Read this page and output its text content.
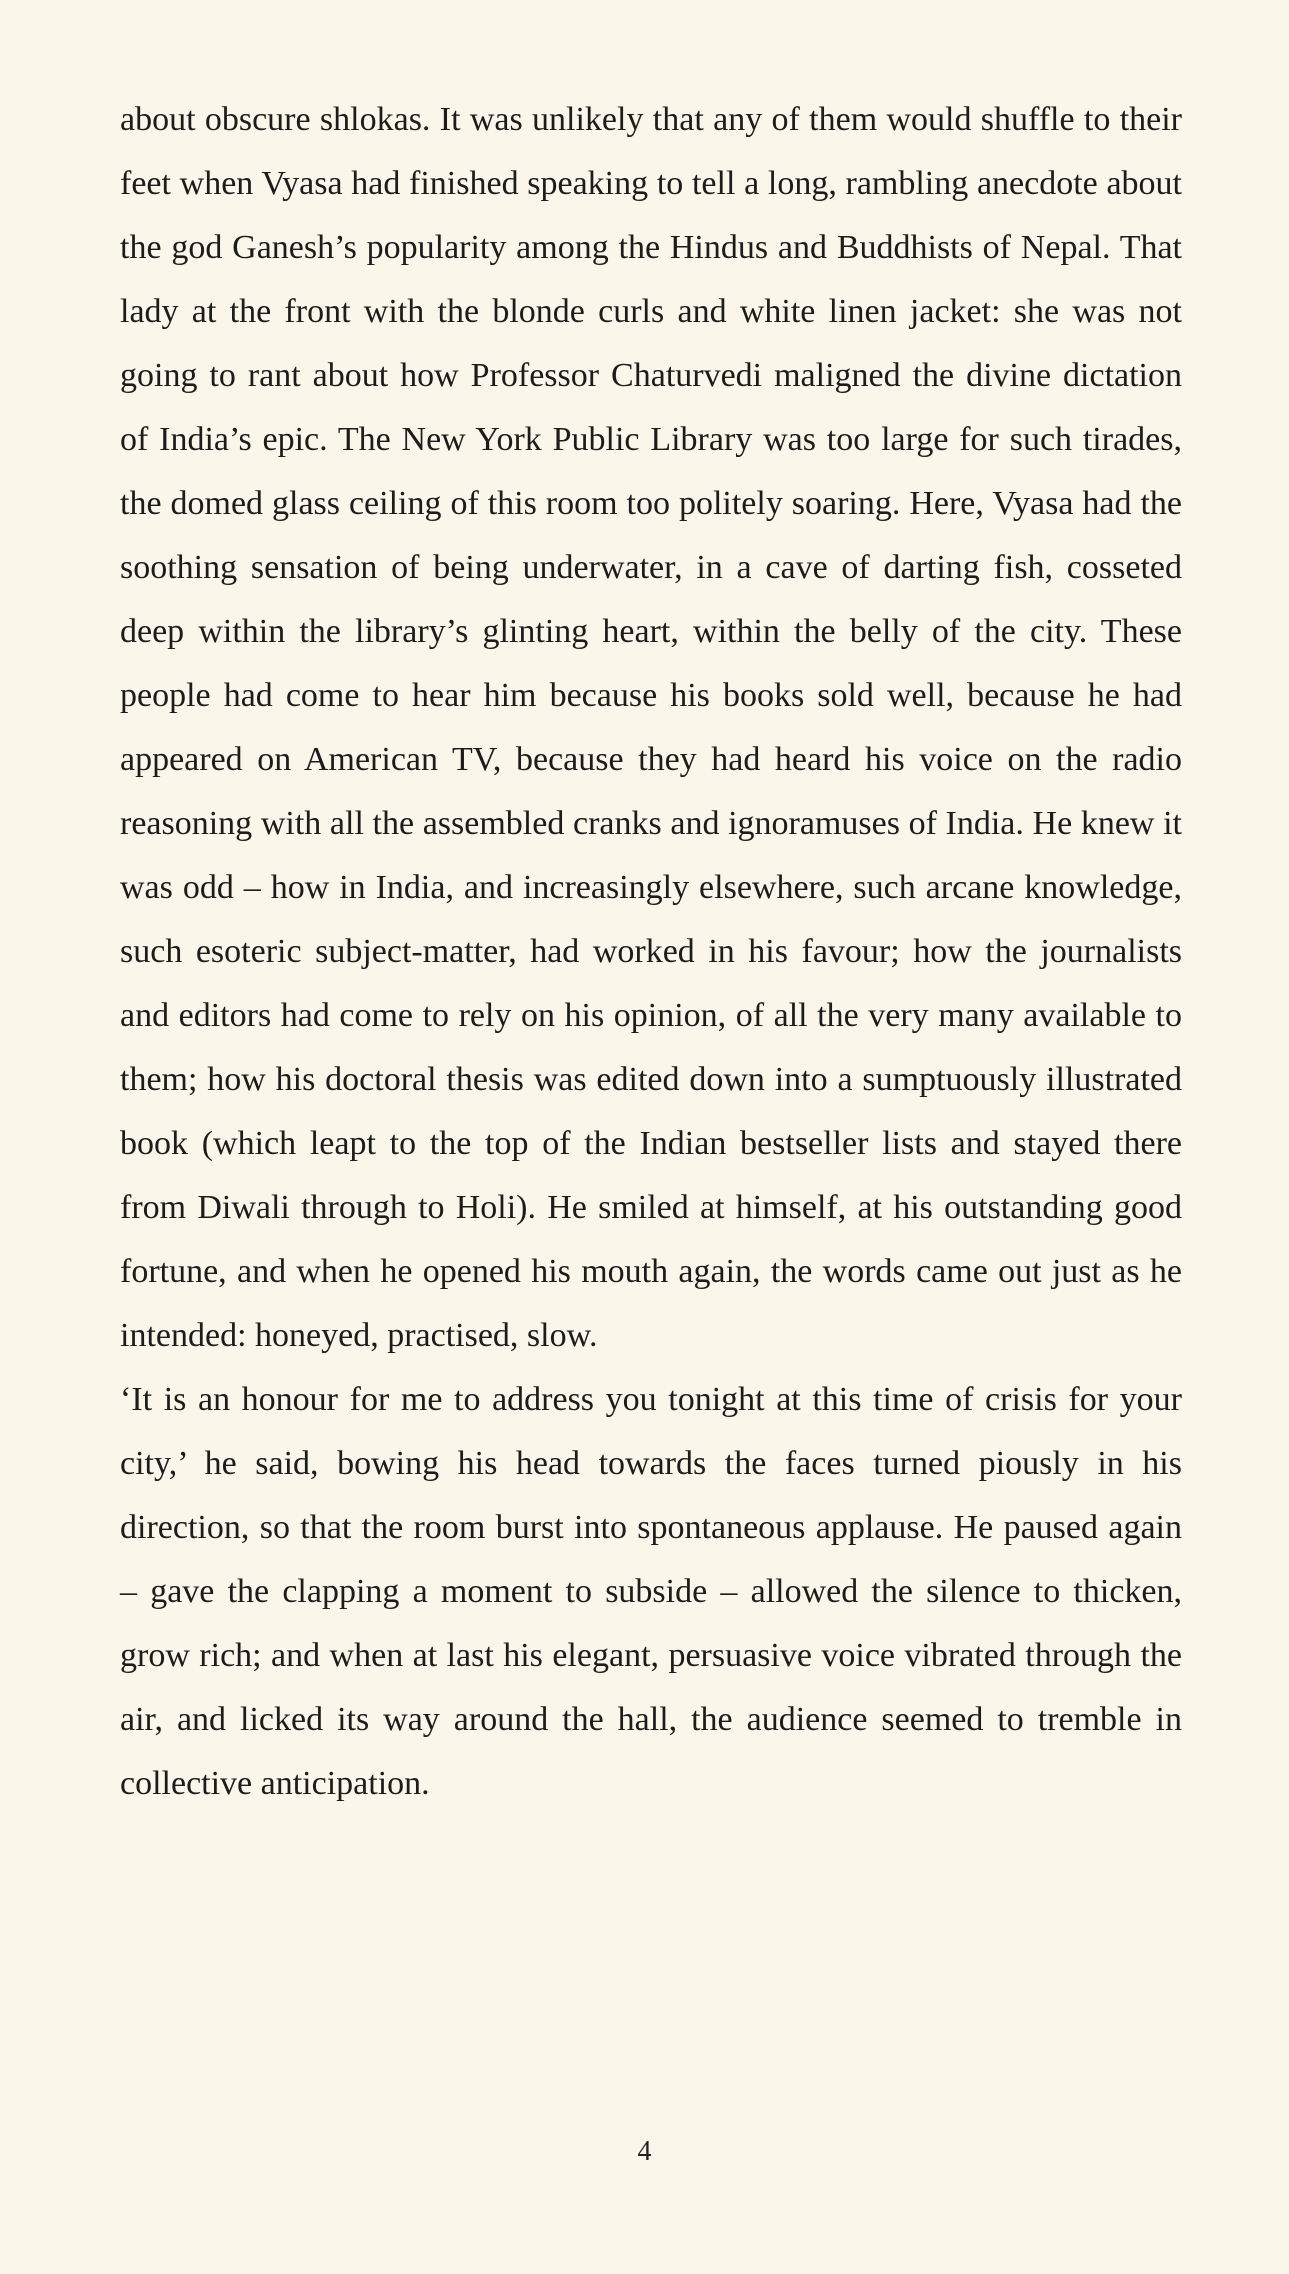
about obscure shlokas. It was unlikely that any of them would shuffle to their feet when Vyasa had finished speaking to tell a long, rambling anecdote about the god Ganesh’s popularity among the Hindus and Buddhists of Nepal. That lady at the front with the blonde curls and white linen jacket: she was not going to rant about how Professor Chaturvedi maligned the divine dictation of India’s epic. The New York Public Library was too large for such tirades, the domed glass ceiling of this room too politely soaring. Here, Vyasa had the soothing sensation of being underwater, in a cave of darting fish, cosseted deep within the library’s glinting heart, within the belly of the city. These people had come to hear him because his books sold well, because he had appeared on American TV, because they had heard his voice on the radio reasoning with all the assembled cranks and ignoramuses of India. He knew it was odd – how in India, and increasingly elsewhere, such arcane knowledge, such esoteric subject-matter, had worked in his favour; how the journalists and editors had come to rely on his opinion, of all the very many available to them; how his doctoral thesis was edited down into a sumptuously illustrated book (which leapt to the top of the Indian bestseller lists and stayed there from Diwali through to Holi). He smiled at himself, at his outstanding good fortune, and when he opened his mouth again, the words came out just as he intended: honeyed, practised, slow.

‘It is an honour for me to address you tonight at this time of crisis for your city,’ he said, bowing his head towards the faces turned piously in his direction, so that the room burst into spontaneous applause. He paused again – gave the clapping a moment to subside – allowed the silence to thicken, grow rich; and when at last his elegant, persuasive voice vibrated through the air, and licked its way around the hall, the audience seemed to tremble in collective anticipation.

4
